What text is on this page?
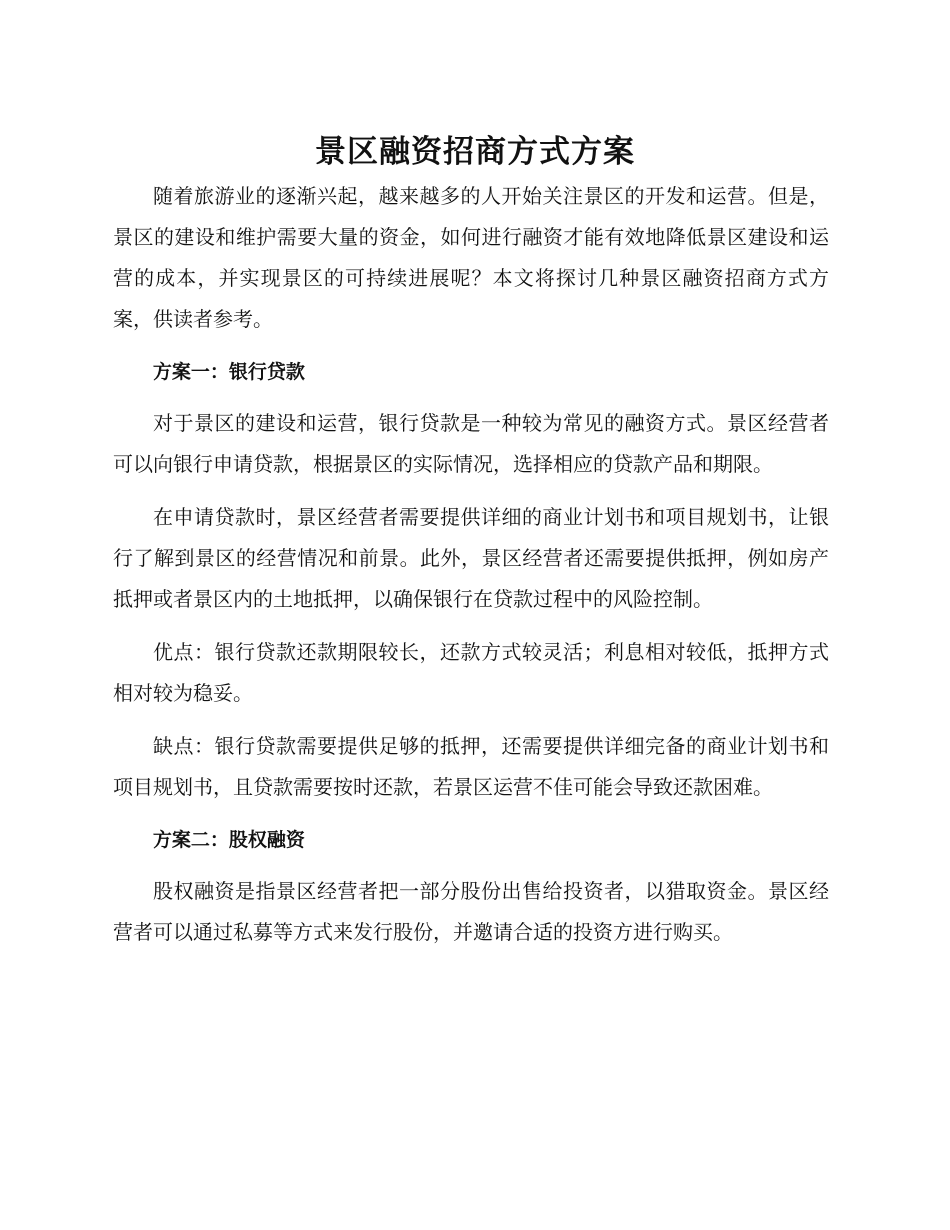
景区融资招商方式方案

随着旅游业的逐渐兴起，越来越多的人开始关注景区的开发和运营。但是，景区的建设和维护需要大量的资金，如何进行融资才能有效地降低景区建设和运营的成本，并实现景区的可持续进展呢？本文将探讨几种景区融资招商方式方案，供读者参考。

方案一：银行贷款

对于景区的建设和运营，银行贷款是一种较为常见的融资方式。景区经营者可以向银行申请贷款，根据景区的实际情况，选择相应的贷款产品和期限。

在申请贷款时，景区经营者需要提供详细的商业计划书和项目规划书，让银行了解到景区的经营情况和前景。此外，景区经营者还需要提供抵押，例如房产抵押或者景区内的土地抵押，以确保银行在贷款过程中的风险控制。

优点：银行贷款还款期限较长，还款方式较灵活；利息相对较低，抵押方式相对较为稳妥。

缺点：银行贷款需要提供足够的抵押，还需要提供详细完备的商业计划书和项目规划书，且贷款需要按时还款，若景区运营不佳可能会导致还款困难。

方案二：股权融资

股权融资是指景区经营者把一部分股份出售给投资者，以猎取资金。景区经营者可以通过私募等方式来发行股份，并邀请合适的投资方进行购买。
